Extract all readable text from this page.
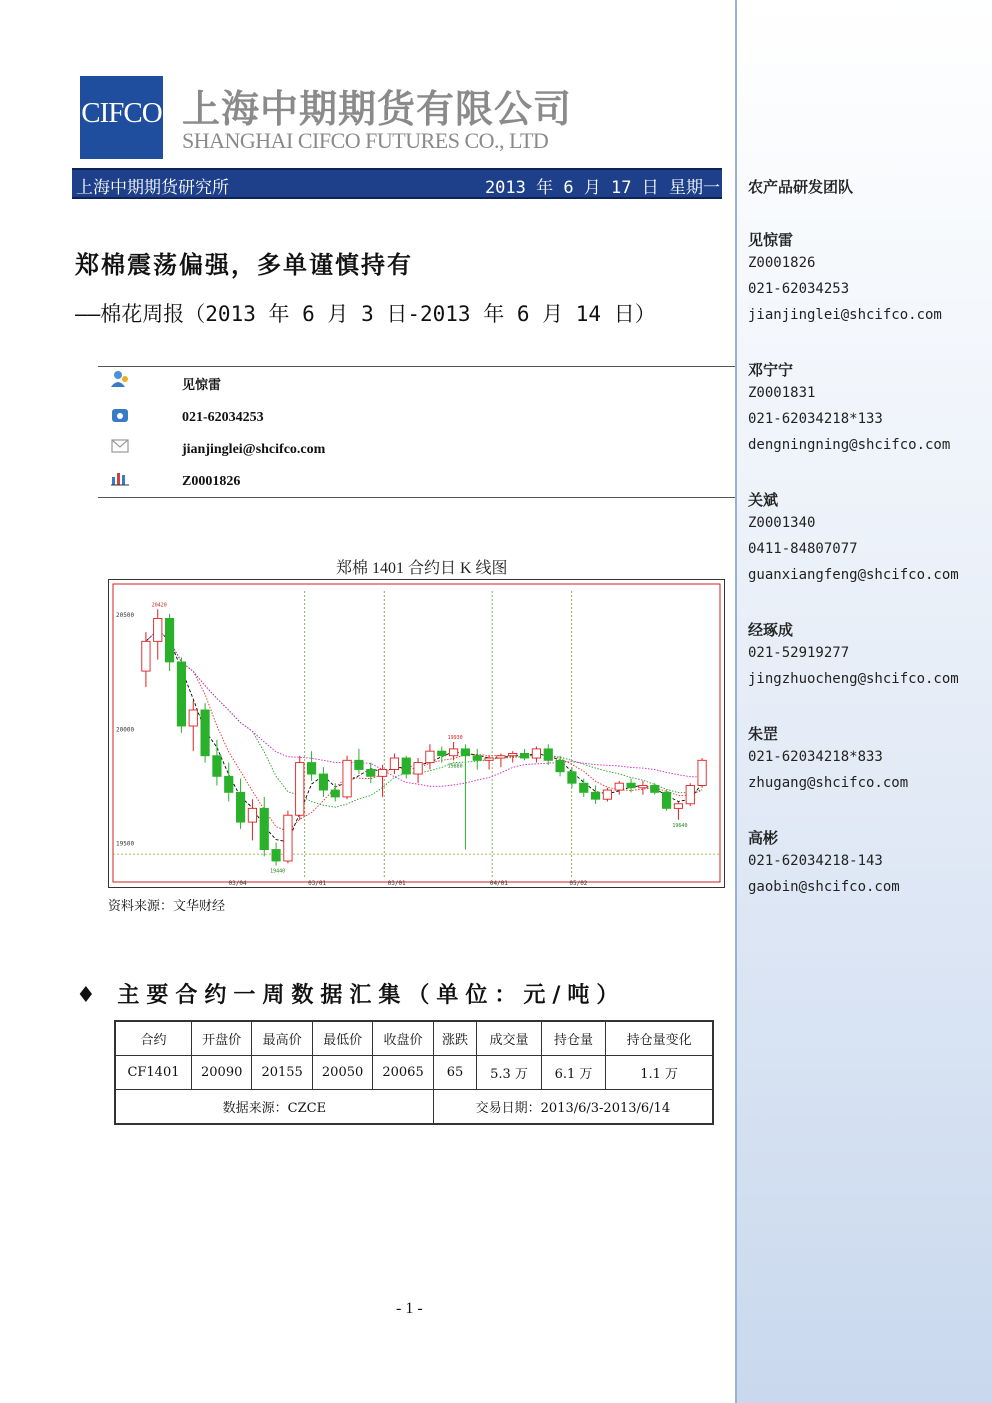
CIFCO 上海中期期货有限公司
SHANGHAI CIFCO FUTURES CO., LTD
上海中期期货研究所	2013 年 6 月 17 日 星期一
郑棉震荡偏强，多单谨慎持有
——棉花周报（2013 年 6 月 3 日-2013 年 6 月 14 日）
见惊雷
021-62034253
jianjinglei@shcifco.com
Z0001826
郑棉 1401 合约日 K 线图
20500
20000
19500
03/04	03/01	03/01	04/01	05/02
20420
19880
19440
19930
19640
资料来源：文华财经
♦ 主要合约一周数据汇集（单位：元/吨）
合约	开盘价	最高价	最低价	收盘价	涨跌	成交量	持仓量	持仓量变化
CF1401	20090	20155	20050	20065	65	5.3 万	6.1 万	1.1 万
数据来源：CZCE					交易日期：2013/6/3-2013/6/14			
- 1 -
农产品研发团队
见惊雷
Z0001826
021-62034253
jianjinglei@shcifco.com
邓宁宁
Z0001831
021-62034218*133
dengningning@shcifco.com
关斌
Z0001340
0411-84807077
guanxiangfeng@shcifco.com
经琢成
021-52919277
jingzhuocheng@shcifco.com
朱罡
021-62034218*833
zhugang@shcifco.com
高彬
021-62034218-143
gaobin@shcifco.com
